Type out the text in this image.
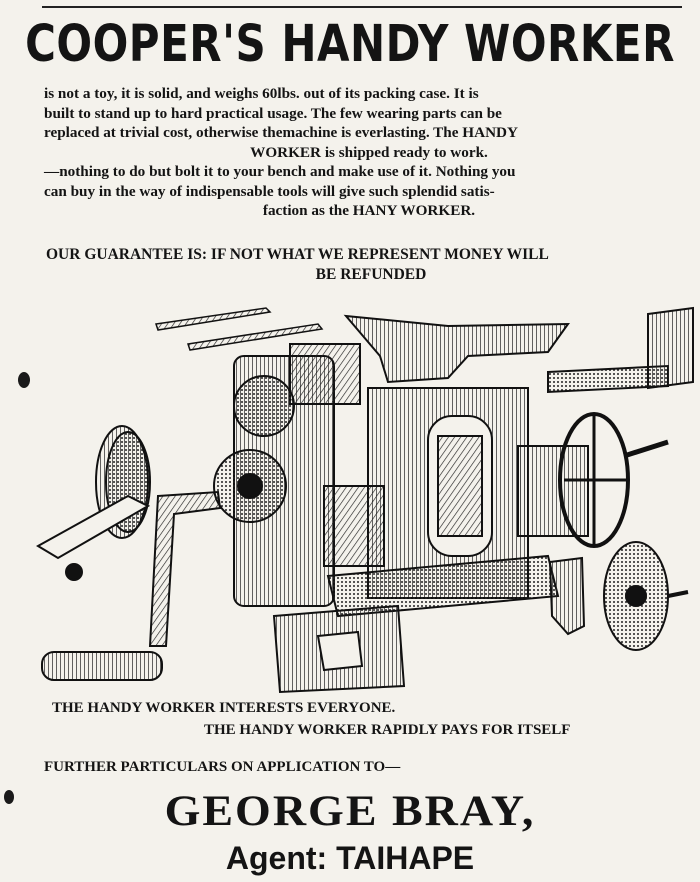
COOPER'S HANDY WORKER

is not a toy, it is solid, and weighs 60lbs. out of its packing case. It is

built to stand up to hard practical usage. The few wearing parts can be

replaced at trivial cost, otherwise themachine is everlasting. The HANDY

WORKER is shipped ready to work.

—nothing to do but bolt it to your bench and make use of it. Nothing you

can buy in the way of indispensable tools will give such splendid satis-

faction as the HANY WORKER.

OUR GUARANTEE IS: IF NOT WHAT WE REPRESENT MONEY WILL

BE REFUNDED

THE HANDY WORKER INTERESTS EVERYONE.
THE HANDY WORKER RAPIDLY PAYS FOR ITSELF
FURTHER PARTICULARS ON APPLICATION TO—
GEORGE BRAY,
Agent: TAIHAPE
